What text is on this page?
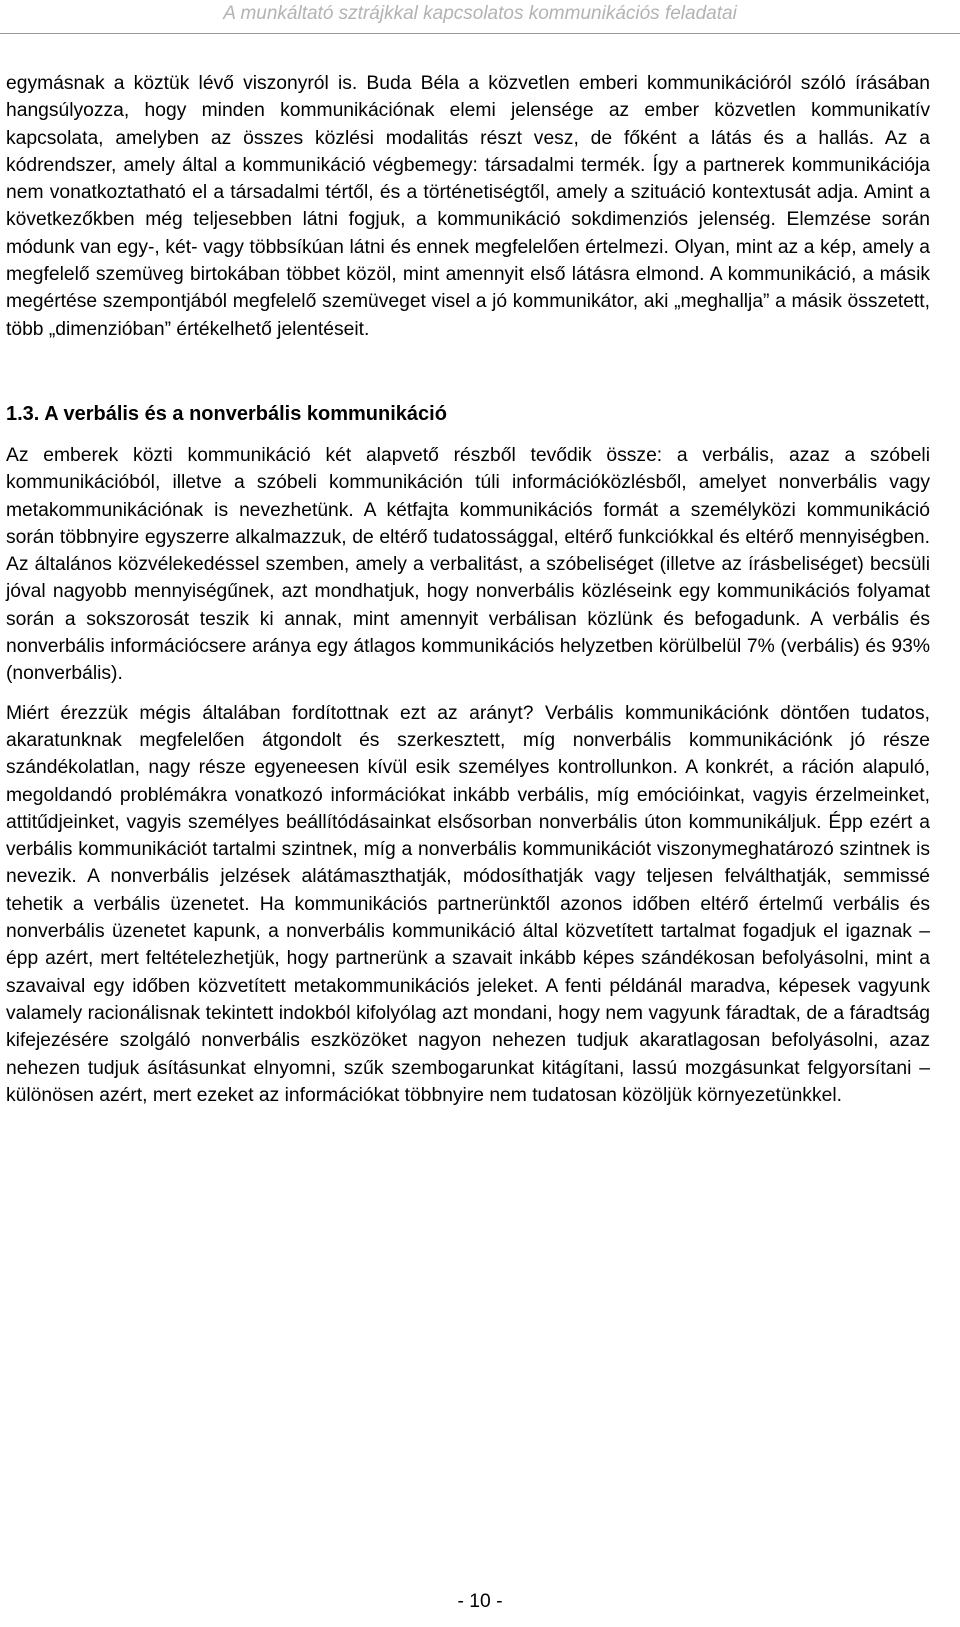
A munkáltató sztrájkkal kapcsolatos kommunikációs feladatai

egymásnak a köztük lévő viszonyról is. Buda Béla a közvetlen emberi kommunikációról szóló írásában hangsúlyozza, hogy minden kommunikációnak elemi jelensége az ember közvetlen kommunikatív kapcsolata, amelyben az összes közlési modalitás részt vesz, de főként a látás és a hallás. Az a kódrendszer, amely által a kommunikáció végbemegy: társadalmi termék. Így a partnerek kommunikációja nem vonatkoztatható el a társadalmi tértől, és a történetiségtől, amely a szituáció kontextusát adja. Amint a következőkben még teljesebben látni fogjuk, a kommunikáció sokdimenziós jelenség. Elemzése során módunk van egy-, két- vagy többsíkúan látni és ennek megfelelően értelmezi. Olyan, mint az a kép, amely a megfelelő szemüveg birtokában többet közöl, mint amennyit első látásra elmond. A kommunikáció, a másik megértése szempontjából megfelelő szemüveget visel a jó kommunikátor, aki „meghallja” a másik összetett, több „dimenzióban” értékelhető jelentéseit.

1.3. A verbális és a nonverbális kommunikáció

Az emberek közti kommunikáció két alapvető részből tevődik össze: a verbális, azaz a szóbeli kommunikációból, illetve a szóbeli kommunikáción túli információközlésből, amelyet nonverbális vagy metakommunikációnak is nevezhetünk. A kétfajta kommunikációs formát a személyközi kommunikáció során többnyire egyszerre alkalmazzuk, de eltérő tudatossággal, eltérő funkciókkal és eltérő mennyiségben. Az általános közvélekedéssel szemben, amely a verbalitást, a szóbeliséget (illetve az írásbeliséget) becsüli jóval nagyobb mennyiségűnek, azt mondhatjuk, hogy nonverbális közléseink egy kommunikációs folyamat során a sokszorosát teszik ki annak, mint amennyit verbálisan közlünk és befogadunk. A verbális és nonverbális információcsere aránya egy átlagos kommunikációs helyzetben körülbelül 7% (verbális) és 93% (nonverbális).

Miért érezzük mégis általában fordítottnak ezt az arányt? Verbális kommunikációnk döntően tudatos, akaratunknak megfelelően átgondolt és szerkesztett, míg nonverbális kommunikációnk jó része szándékolatlan, nagy része egyeneesen kívül esik személyes kontrollunkon. A konkrét, a ráción alapuló, megoldandó problémákra vonatkozó információkat inkább verbális, míg emócióinkat, vagyis érzelmeinket, attitűdjeinket, vagyis személyes beállítódásainkat elsősorban nonverbális úton kommunikáljuk. Épp ezért a verbális kommunikációt tartalmi szintnek, míg a nonverbális kommunikációt viszonymeghatározó szintnek is nevezik. A nonverbális jelzések alátámaszthatják, módosíthatják vagy teljesen felválthatják, semmissé tehetik a verbális üzenetet. Ha kommunikációs partnerünktől azonos időben eltérő értelmű verbális és nonverbális üzenetet kapunk, a nonverbális kommunikáció által közvetített tartalmat fogadjuk el igaznak – épp azért, mert feltételezhetjük, hogy partnerünk a szavait inkább képes szándékosan befolyásolni, mint a szavaival egy időben közvetített metakommunikációs jeleket. A fenti példánál maradva, képesek vagyunk valamely racionálisnak tekintett indokból kifolyólag azt mondani, hogy nem vagyunk fáradtak, de a fáradtság kifejezésére szolgáló nonverbális eszközöket nagyon nehezen tudjuk akaratlagosan befolyásolni, azaz nehezen tudjuk ásításunkat elnyomni, szűk szembogarunkat kitágítani, lassú mozgásunkat felgyorsítani – különösen azért, mert ezeket az információkat többnyire nem tudatosan közöljük környezetünkkel.

- 10 -
